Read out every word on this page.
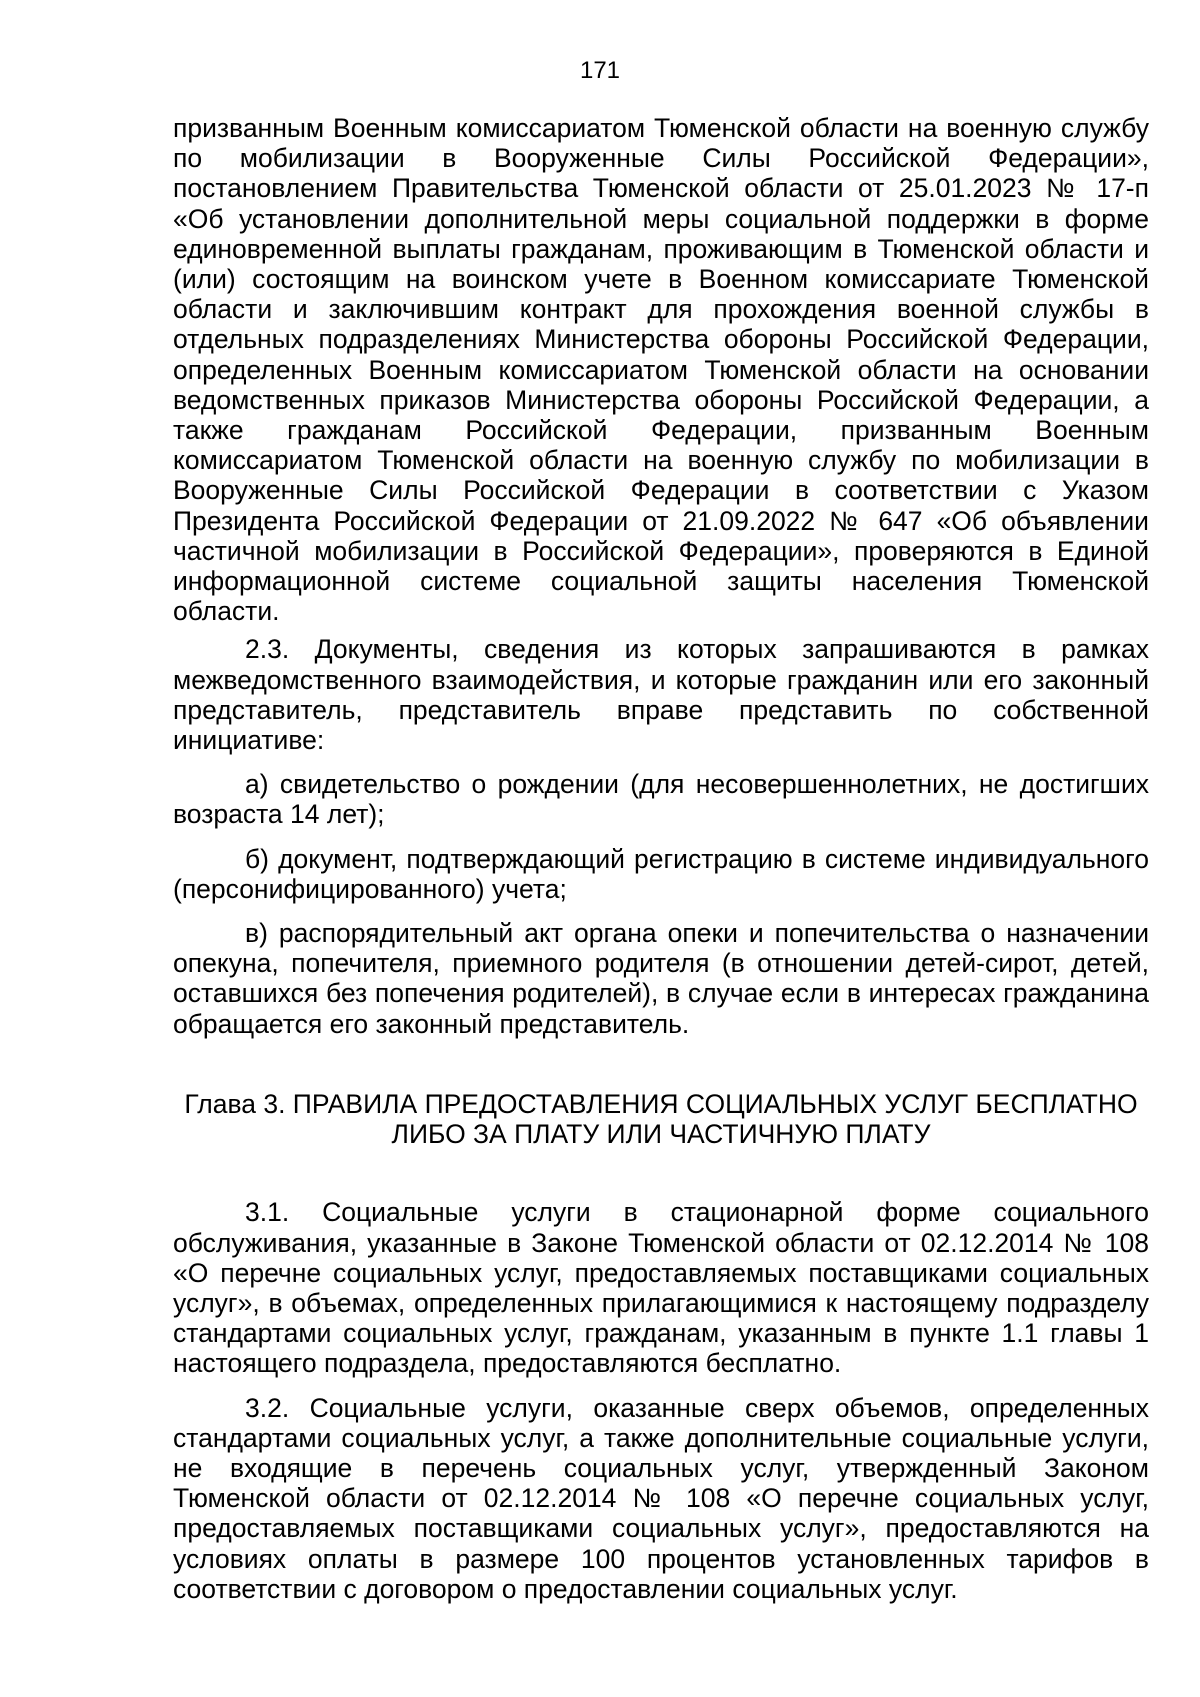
171

призванным Военным комиссариатом Тюменской области на военную службу по мобилизации в Вооруженные Силы Российской Федерации», постановлением Правительства Тюменской области от 25.01.2023 № 17-п «Об установлении дополнительной меры социальной поддержки в форме единовременной выплаты гражданам, проживающим в Тюменской области и (или) состоящим на воинском учете в Военном комиссариате Тюменской области и заключившим контракт для прохождения военной службы в отдельных подразделениях Министерства обороны Российской Федерации, определенных Военным комиссариатом Тюменской области на основании ведомственных приказов Министерства обороны Российской Федерации, а также гражданам Российской Федерации, призванным Военным комиссариатом Тюменской области на военную службу по мобилизации в Вооруженные Силы Российской Федерации в соответствии с Указом Президента Российской Федерации от 21.09.2022 № 647 «Об объявлении частичной мобилизации в Российской Федерации», проверяются в Единой информационной системе социальной защиты населения Тюменской области.

2.3. Документы, сведения из которых запрашиваются в рамках межведомственного взаимодействия, и которые гражданин или его законный представитель, представитель вправе представить по собственной инициативе:

а) свидетельство о рождении (для несовершеннолетних, не достигших возраста 14 лет);

б) документ, подтверждающий регистрацию в системе индивидуального (персонифицированного) учета;

в) распорядительный акт органа опеки и попечительства о назначении опекуна, попечителя, приемного родителя (в отношении детей-сирот, детей, оставшихся без попечения родителей), в случае если в интересах гражданина обращается его законный представитель.

Глава 3. ПРАВИЛА ПРЕДОСТАВЛЕНИЯ СОЦИАЛЬНЫХ УСЛУГ БЕСПЛАТНО
ЛИБО ЗА ПЛАТУ ИЛИ ЧАСТИЧНУЮ ПЛАТУ

3.1. Социальные услуги в стационарной форме социального обслуживания, указанные в Законе Тюменской области от 02.12.2014 № 108 «О перечне социальных услуг, предоставляемых поставщиками социальных услуг», в объемах, определенных прилагающимися к настоящему подразделу стандартами социальных услуг, гражданам, указанным в пункте 1.1 главы 1 настоящего подраздела, предоставляются бесплатно.

3.2. Социальные услуги, оказанные сверх объемов, определенных стандартами социальных услуг, а также дополнительные социальные услуги, не входящие в перечень социальных услуг, утвержденный Законом Тюменской области от 02.12.2014 № 108 «О перечне социальных услуг, предоставляемых поставщиками социальных услуг», предоставляются на условиях оплаты в размере 100 процентов установленных тарифов в соответствии с договором о предоставлении социальных услуг.
